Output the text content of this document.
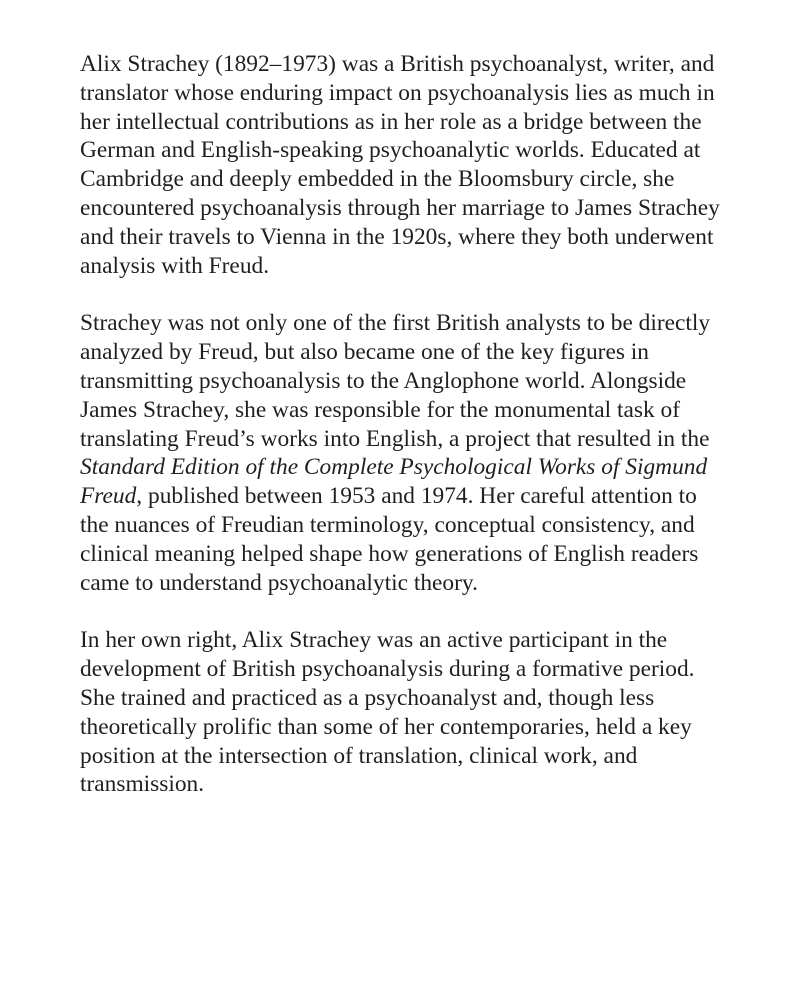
Alix Strachey (1892–1973) was a British psychoanalyst, writer, and translator whose enduring impact on psychoanalysis lies as much in her intellectual contributions as in her role as a bridge between the German and English-speaking psychoanalytic worlds. Educated at Cambridge and deeply embedded in the Bloomsbury circle, she encountered psychoanalysis through her marriage to James Strachey and their travels to Vienna in the 1920s, where they both underwent analysis with Freud.

Strachey was not only one of the first British analysts to be directly analyzed by Freud, but also became one of the key figures in transmitting psychoanalysis to the Anglophone world. Alongside James Strachey, she was responsible for the monumental task of translating Freud’s works into English, a project that resulted in the Standard Edition of the Complete Psychological Works of Sigmund Freud, published between 1953 and 1974. Her careful attention to the nuances of Freudian terminology, conceptual consistency, and clinical meaning helped shape how generations of English readers came to understand psychoanalytic theory.

In her own right, Alix Strachey was an active participant in the development of British psychoanalysis during a formative period. She trained and practiced as a psychoanalyst and, though less theoretically prolific than some of her contemporaries, held a key position at the intersection of translation, clinical work, and transmission.
